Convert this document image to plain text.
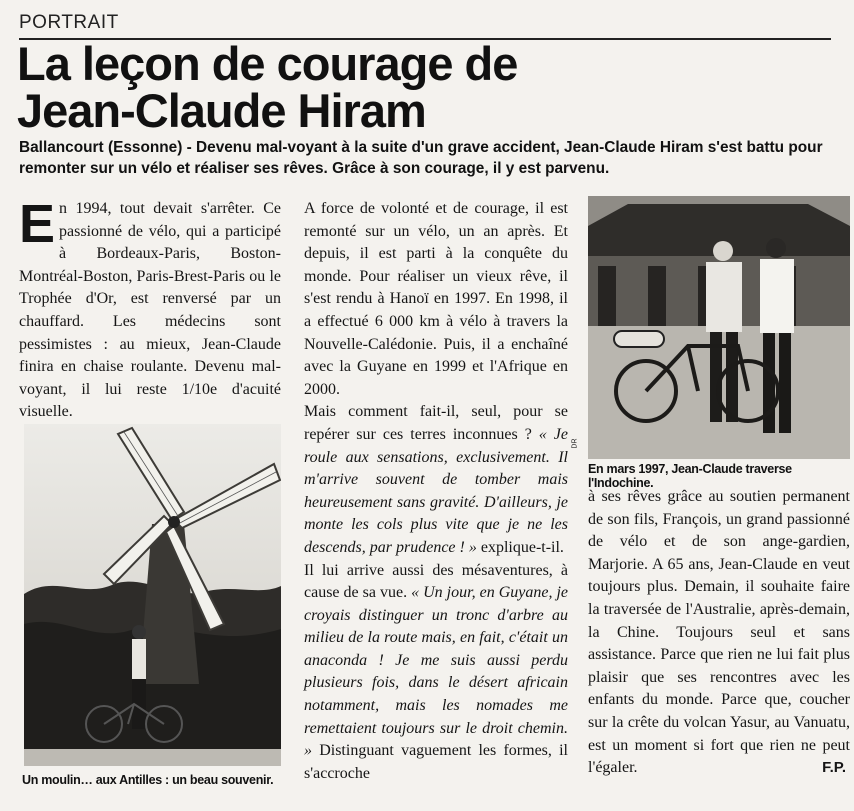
PORTRAIT
La leçon de courage de
Jean-Claude Hiram
Ballancourt (Essonne) - Devenu mal-voyant à la suite d'un grave accident, Jean-Claude Hiram s'est battu pour remonter sur un vélo et réaliser ses rêves. Grâce à son courage, il y est parvenu.

En 1994, tout devait s'arrêter. Ce passionné de vélo, qui a participé à Bordeaux-Paris, Boston-Montréal-Boston, Paris-Brest-Paris ou le Trophée d'Or, est renversé par un chauffard. Les médecins sont pessimistes : au mieux, Jean-Claude finira en chaise roulante. Devenu mal-voyant, il lui reste 1/10e d'acuité visuelle.

Un moulin… aux Antilles : un beau souvenir.

A force de volonté et de courage, il est remonté sur un vélo, un an après. Et depuis, il est parti à la conquête du monde. Pour réaliser un vieux rêve, il s'est rendu à Hanoï en 1997. En 1998, il a effectué 6 000 km à vélo à travers la Nouvelle-Calédonie. Puis, il a enchaîné avec la Guyane en 1999 et l'Afrique en 2000.

Mais comment fait-il, seul, pour se repérer sur ces terres inconnues ? « Je roule aux sensations, exclusivement. Il m'arrive souvent de tomber mais heureusement sans gravité. D'ailleurs, je monte les cols plus vite que je ne les descends, par prudence ! » explique-t-il.

Il lui arrive aussi des mésaventures, à cause de sa vue. « Un jour, en Guyane, je croyais distinguer un tronc d'arbre au milieu de la route mais, en fait, c'était un anaconda ! Je me suis aussi perdu plusieurs fois, dans le désert africain notamment, mais les nomades me remettaient toujours sur le droit chemin. » Distinguant vaguement les formes, il s'accroche

DR
En mars 1997, Jean-Claude traverse l'Indochine.

à ses rêves grâce au soutien permanent de son fils, François, un grand passionné de vélo et de son ange-gardien, Marjorie. A 65 ans, Jean-Claude en veut toujours plus. Demain, il souhaite faire la traversée de l'Australie, après-demain, la Chine. Toujours seul et sans assistance. Parce que rien ne lui fait plus plaisir que ses rencontres avec les enfants du monde. Parce que, coucher sur la crête du volcan Yasur, au Vanuatu, est un moment si fort que rien ne peut l'égaler.	F.P.
